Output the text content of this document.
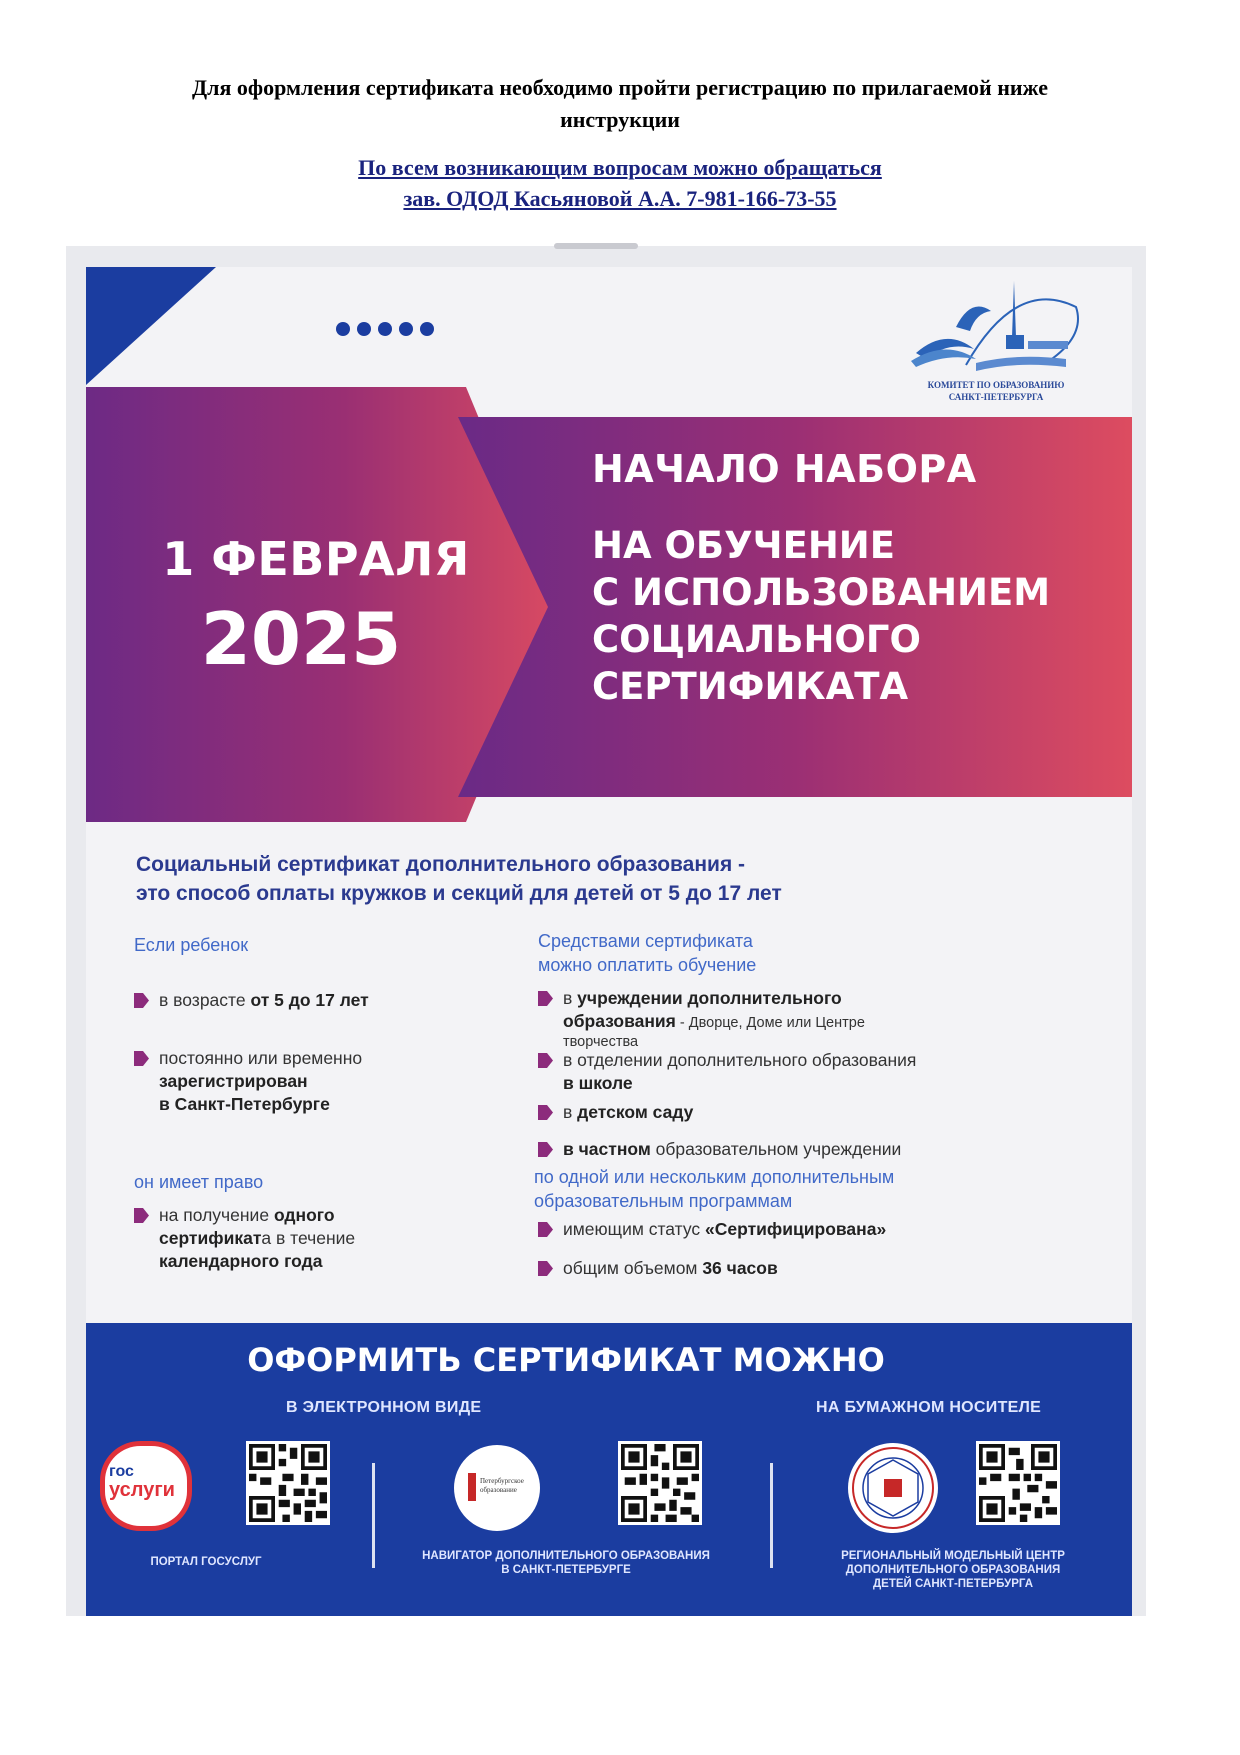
Для оформления сертификата необходимо пройти регистрацию по прилагаемой ниже инструкции
По всем возникающим вопросам можно обращаться
зав. ОДОД Касьяновой А.А. 7-981-166-73-55
КОМИТЕТ ПО ОБРАЗОВАНИЮ
САНКТ-ПЕТЕРБУРГА
1 ФЕВРАЛЯ
2025
НАЧАЛО НАБОРА
НА ОБУЧЕНИЕ
С ИСПОЛЬЗОВАНИЕМ
СОЦИАЛЬНОГО
СЕРТИФИКАТА
Социальный сертификат дополнительного образования -
это способ оплаты кружков и секций для детей от 5 до 17 лет
Если ребенок
в возрасте от 5 до 17 лет
постоянно или временно
зарегистрирован
в Санкт-Петербурге
он имеет право
на получение одного
сертификата в течение
календарного года
Средствами сертификата
можно оплатить обучение
в учреждении дополнительного
образования - Дворце, Доме или Центре
творчества
в отделении дополнительного образования
в школе
в детском саду
в частном образовательном учреждении
по одной или нескольким дополнительным
образовательным программам
имеющим статус «Сертифицирована»
общим объемом 36 часов
ОФОРМИТЬ СЕРТИФИКАТ МОЖНО
В ЭЛЕКТРОННОМ ВИДЕ	НА БУМАЖНОМ НОСИТЕЛЕ
гос
услуги
ПОРТАЛ ГОСУСЛУГ
Петербургское образование
НАВИГАТОР ДОПОЛНИТЕЛЬНОГО ОБРАЗОВАНИЯ
В САНКТ-ПЕТЕРБУРГЕ
РЕГИОНАЛЬНЫЙ МОДЕЛЬНЫЙ ЦЕНТР
ДОПОЛНИТЕЛЬНОГО ОБРАЗОВАНИЯ
ДЕТЕЙ САНКТ-ПЕТЕРБУРГА
